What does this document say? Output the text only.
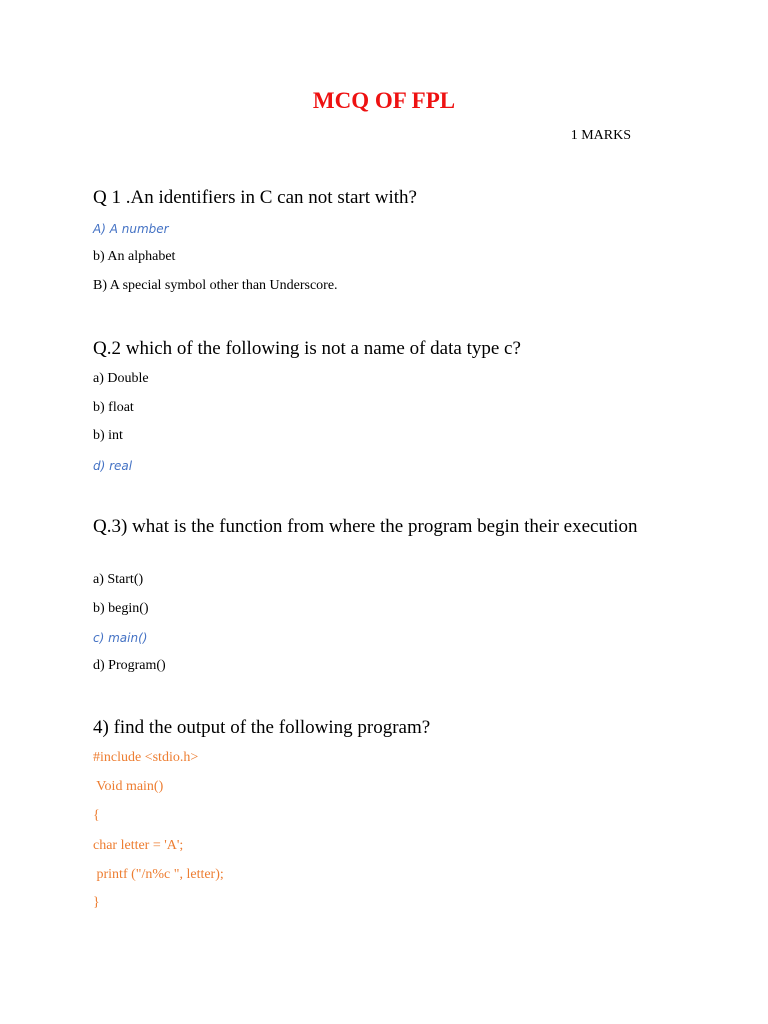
MCQ OF FPL
1 MARKS
Q 1 .An identifiers in C can not start with?
A) A number
b) An alphabet
B) A special symbol other than Underscore.
Q.2 which of the following is not a name of data type c?
a) Double
b) float
b) int
d) real
Q.3) what is the function from where the program begin their execution
a) Start()
b) begin()
c) main()
d) Program()
4) find the output of the following program?
#include <stdio.h>
Void main()
{
char letter = 'A';
printf ("/n%c ", letter);
}
